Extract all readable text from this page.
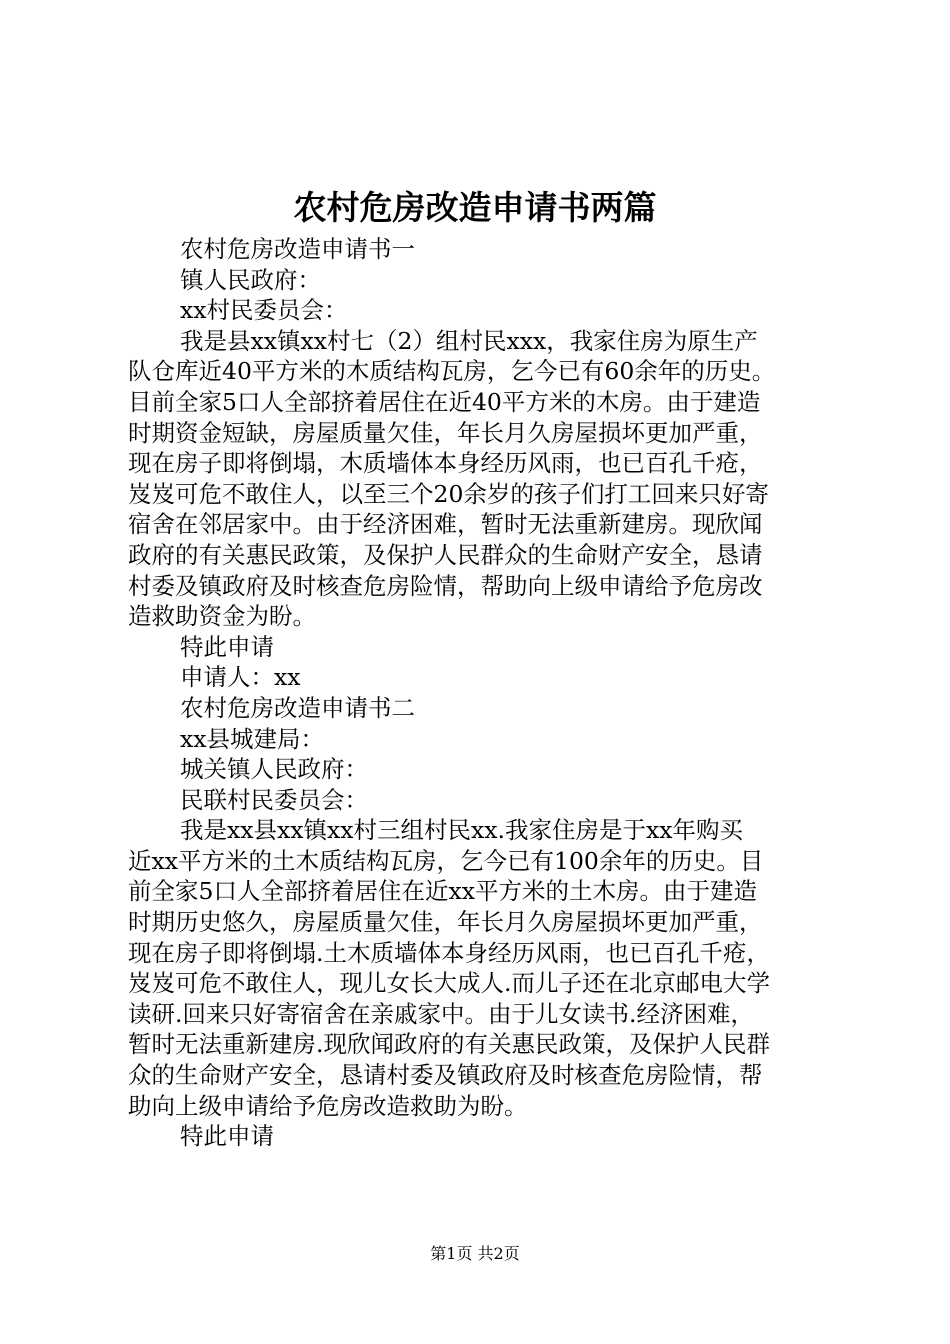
农村危房改造申请书两篇
农村危房改造申请书一
镇人民政府：
xx村民委员会：
我是县xx镇xx村七（2）组村民xxx，我家住房为原生产
队仓库近40平方米的木质结构瓦房，乞今已有60余年的历史。
目前全家5口人全部挤着居住在近40平方米的木房。由于建造
时期资金短缺，房屋质量欠佳，年长月久房屋损坏更加严重，
现在房子即将倒塌，木质墙体本身经历风雨，也已百孔千疮，
岌岌可危不敢住人，以至三个20余岁的孩子们打工回来只好寄
宿舍在邻居家中。由于经济困难，暂时无法重新建房。现欣闻
政府的有关惠民政策，及保护人民群众的生命财产安全，恳请
村委及镇政府及时核查危房险情，帮助向上级申请给予危房改
造救助资金为盼。
特此申请
申请人：xx
农村危房改造申请书二
xx县城建局：
城关镇人民政府：
民联村民委员会：
我是xx县xx镇xx村三组村民xx.我家住房是于xx年购买
近xx平方米的土木质结构瓦房，乞今已有100余年的历史。目
前全家5口人全部挤着居住在近xx平方米的土木房。由于建造
时期历史悠久，房屋质量欠佳，年长月久房屋损坏更加严重，
现在房子即将倒塌.土木质墙体本身经历风雨，也已百孔千疮，
岌岌可危不敢住人，现儿女长大成人.而儿子还在北京邮电大学
读研.回来只好寄宿舍在亲戚家中。由于儿女读书.经济困难，
暂时无法重新建房.现欣闻政府的有关惠民政策，及保护人民群
众的生命财产安全，恳请村委及镇政府及时核查危房险情，帮
助向上级申请给予危房改造救助为盼。
特此申请
第1页 共2页
